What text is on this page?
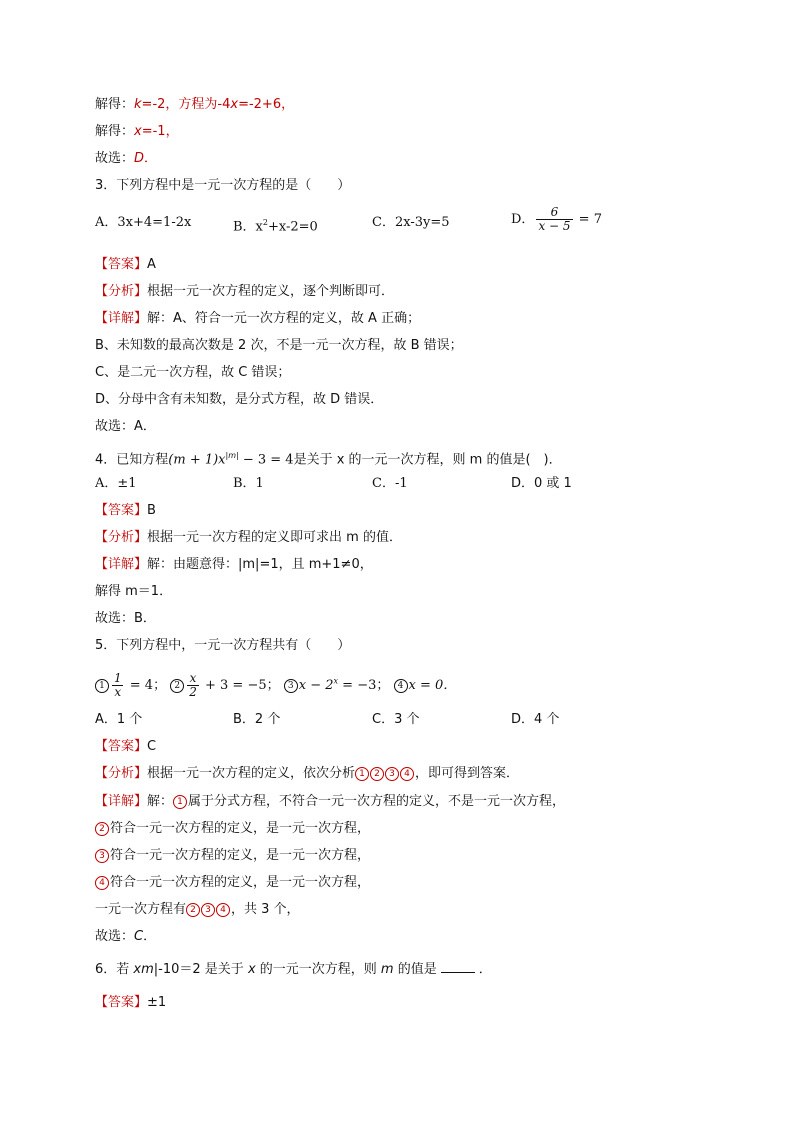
解得：k=-2，方程为-4x=-2+6，
解得：x=-1，
故选：D．
3．下列方程中是一元一次方程的是（　　）
A．3x+4=1-2x	B．$x^2+x-2=0$	C．2x-3y=5	D． $\frac{6}{x - 5} = 7$
【答案】A
【分析】根据一元一次方程的定义，逐个判断即可．
【详解】解：A、符合一元一次方程的定义，故 A 正确；
B、未知数的最高次数是 2 次，不是一元一次方程，故 B 错误；
C、是二元一次方程，故 C 错误；
D、分母中含有未知数，是分式方程，故 D 错误．
故选：A．
4．已知方程$(m + 1)x^{|m|} - 3 = 4$是关于 x 的一元一次方程，则 m 的值是(　)．
A．±1	B．1	C．-1	D．0 或 1
【答案】B
【分析】根据一元一次方程的定义即可求出 m 的值．
【详解】解：由题意得：|m|=1，且 m+1≠0，
解得 m＝1．
故选：B．
5．下列方程中，一元一次方程共有（　　）
$1 \frac{1}{x} = 4$； $2 \frac{x}{2} + 3 = -5$； 3 $x - 2^x = -3$； 4 x = 0．
A．1 个	B．2 个	C．3 个	D．4 个
【答案】C
【分析】根据一元一次方程的定义，依次分析 1 2 3 4 ，即可得到答案．
【详解】解： 1 属于分式方程，不符合一元一次方程的定义，不是一元一次方程，
2 符合一元一次方程的定义，是一元一次方程，
3 符合一元一次方程的定义，是一元一次方程，
4 符合一元一次方程的定义，是一元一次方程，
一元一次方程有 2 3 4 ，共 3 个，
故选：C．
6．若 xm|-10＝2 是关于 x 的一元一次方程，则 m 的值是	．
【答案】±1
